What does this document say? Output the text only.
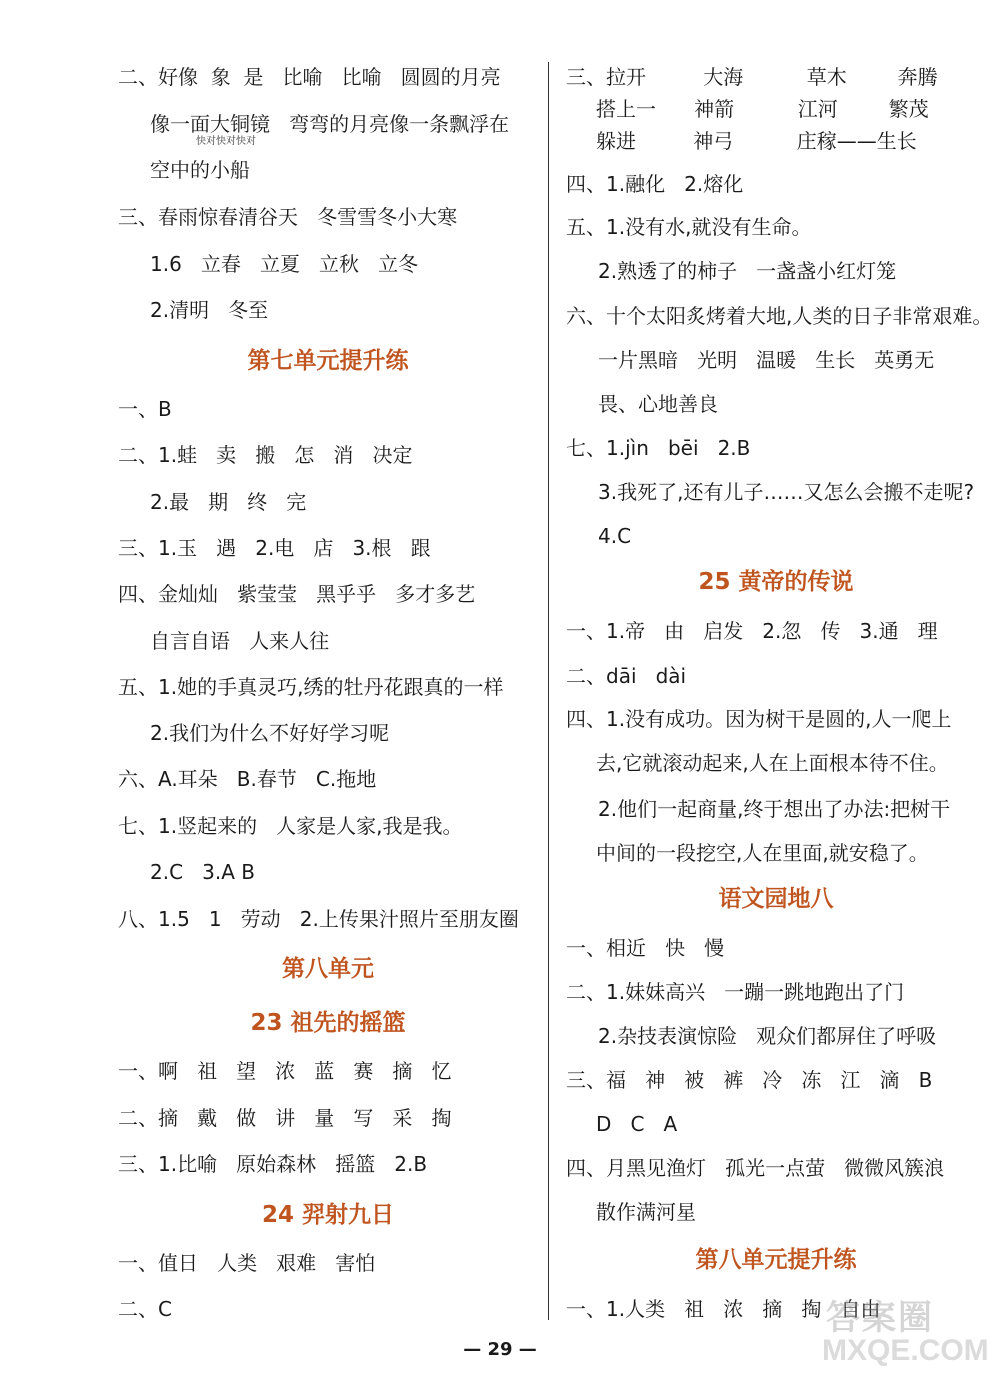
二、好像  象  是   比喻   比喻   圆圆的月亮
像一面大铜镜   弯弯的月亮像一条飘浮在
快对快对快对
空中的小船
三、春雨惊春清谷天   冬雪雪冬小大寒
1.6   立春   立夏   立秋   立冬
2.清明   冬至
第七单元提升练
一、B
二、1.蛙   卖   搬   怎   消   决定
2.最   期   终   完
三、1.玉   遇   2.电   店   3.根   跟
四、金灿灿   紫莹莹   黑乎乎   多才多艺
自言自语   人来人往
五、1.她的手真灵巧,绣的牡丹花跟真的一样
2.我们为什么不好好学习呢
六、A.耳朵   B.春节   C.拖地
七、1.竖起来的   人家是人家,我是我。
2.C   3.A B
八、1.5   1   劳动   2.上传果汁照片至朋友圈
第八单元
23 祖先的摇篮
一、啊   祖   望   浓   蓝   赛   摘   忆
二、摘   戴   做   讲   量   写   采   掏
三、1.比喻   原始森林   摇篮   2.B
24 羿射九日
一、值日   人类   艰难   害怕
二、C
三、拉开         大海          草木        奔腾
搭上一      神箭          江河        繁茂
躲进         神弓          庄稼——生长
四、1.融化   2.熔化
五、1.没有水,就没有生命。
2.熟透了的柿子   一盏盏小红灯笼
六、十个太阳炙烤着大地,人类的日子非常艰难。
一片黑暗   光明   温暖   生长   英勇无
畏、心地善良
七、1.jìn   bēi   2.B
3.我死了,还有儿子……又怎么会搬不走呢?
4.C
25 黄帝的传说
一、1.帝   由   启发   2.忽   传   3.通   理
二、dāi   dài
四、1.没有成功。因为树干是圆的,人一爬上
去,它就滚动起来,人在上面根本待不住。
2.他们一起商量,终于想出了办法:把树干
中间的一段挖空,人在里面,就安稳了。
语文园地八
一、相近   快   慢
二、1.妹妹高兴   一蹦一跳地跑出了门
2.杂技表演惊险   观众们都屏住了呼吸
三、福   神   被   裤   冷   冻   江   滴   B
D   C   A
四、月黑见渔灯   孤光一点萤   微微风簇浪
散作满河星
第八单元提升练
一、1.人类   祖   浓   摘   掏   自由
— 29 —
答案圈
MXQE.COM
